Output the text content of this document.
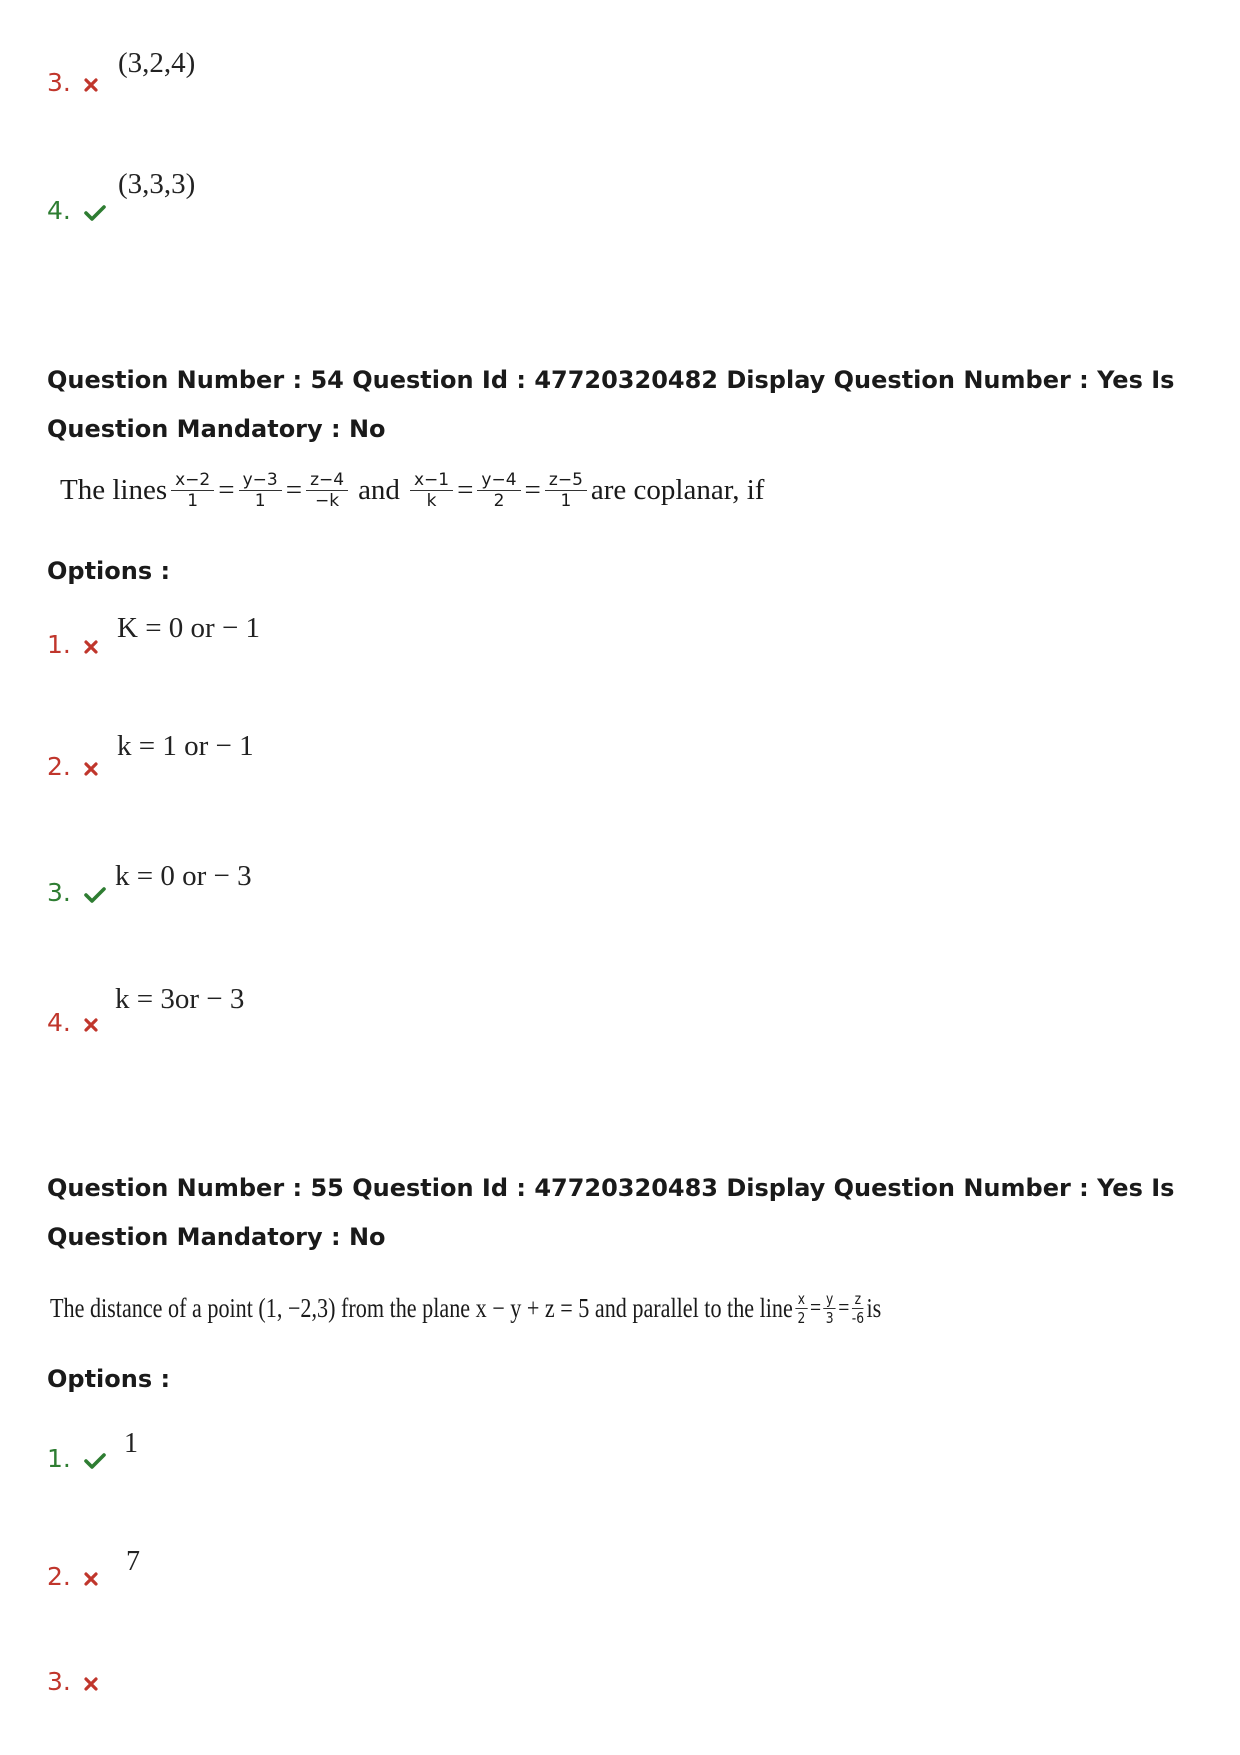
3.
(3,2,4)
4.
(3,3,3)
Question Number : 54 Question Id : 47720320482 Display Question Number : Yes Is Question Mandatory : No
The lines $\frac{x-2}{1} = \frac{y-3}{1} = \frac{z-4}{-k}$ and $\frac{x-1}{k} = \frac{y-4}{2} = \frac{z-5}{1}$ are coplanar, if
Options :
1.
K = 0 or − 1
2.
k = 1 or − 1
3.
k = 0 or − 3
4.
k = 3or − 3
Question Number : 55 Question Id : 47720320483 Display Question Number : Yes Is Question Mandatory : No
The distance of a point (1, −2,3) from the plane x − y + z = 5 and parallel to the line $\frac{x}{2} = \frac{y}{3} = \frac{z}{-6}$ is
Options :
1.	1
2.	7
3.
